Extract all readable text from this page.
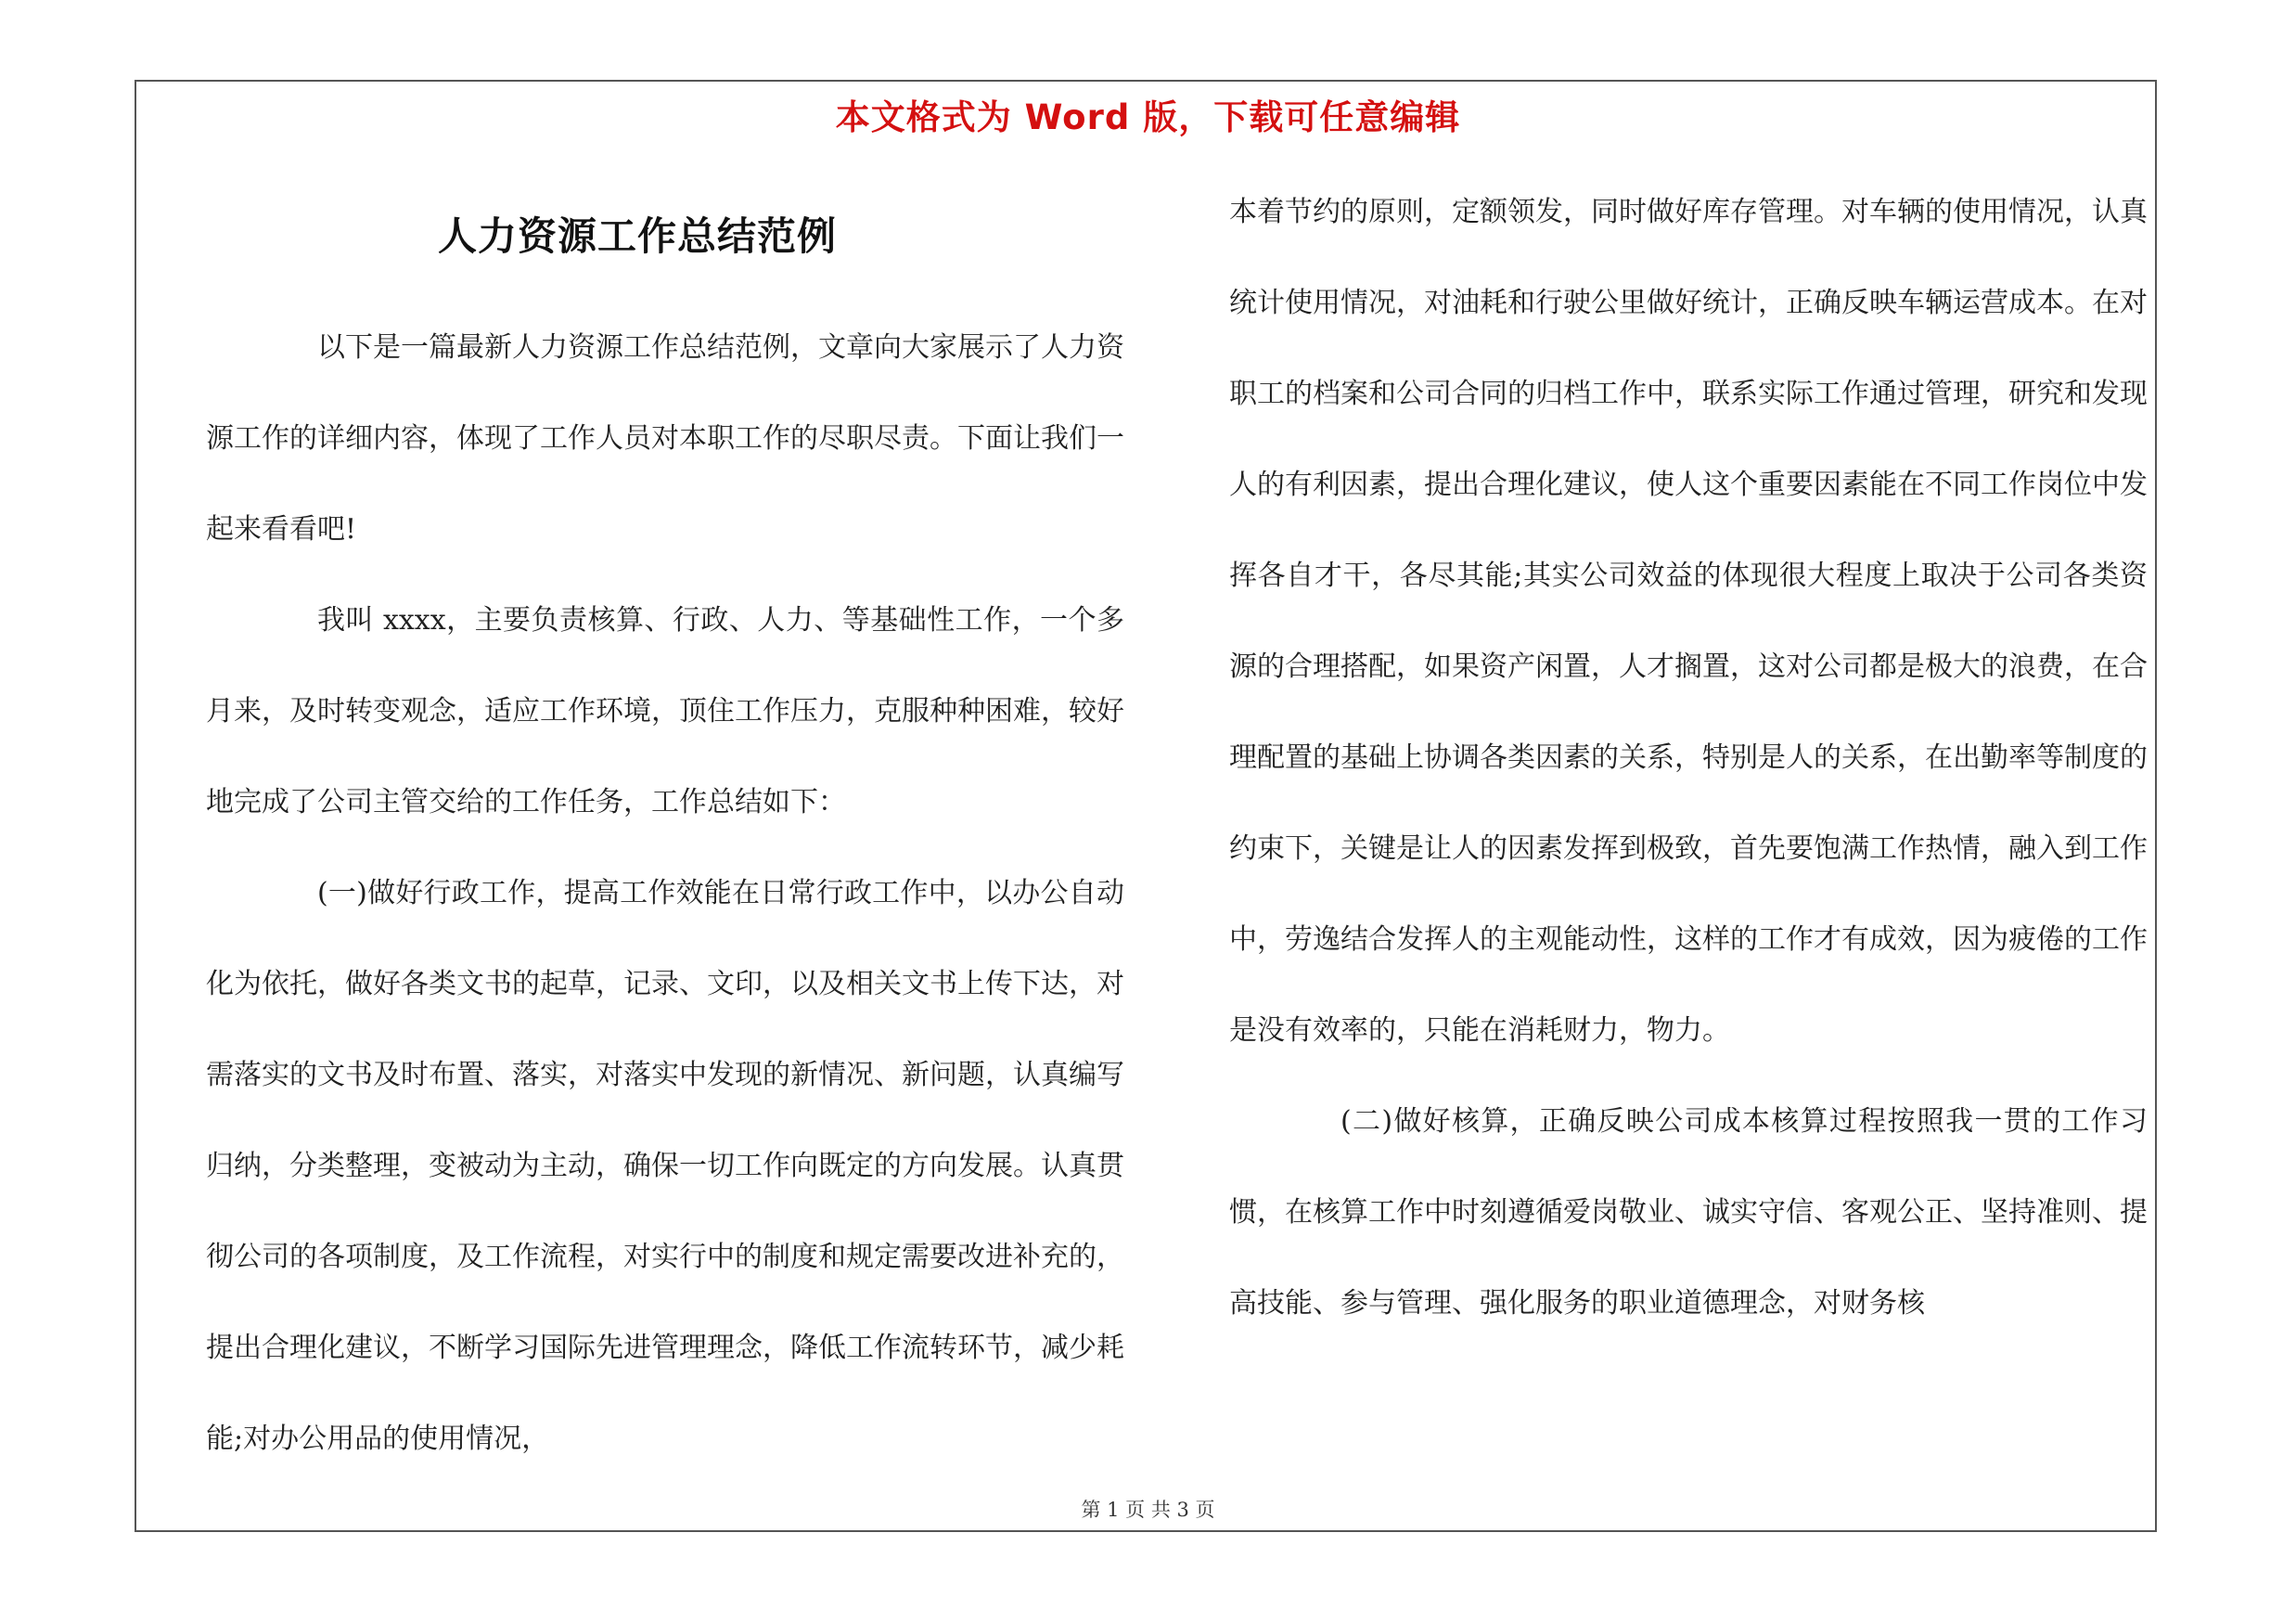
本文格式为 Word 版，下载可任意编辑
人力资源工作总结范例

以下是一篇最新人力资源工作总结范例，文章向大家展示了人力资源工作的详细内容，体现了工作人员对本职工作的尽职尽责。下面让我们一起来看看吧!

我叫 xxxx，主要负责核算、行政、人力、等基础性工作，一个多月来，及时转变观念，适应工作环境，顶住工作压力，克服种种困难，较好地完成了公司主管交给的工作任务，工作总结如下：

(一)做好行政工作，提高工作效能在日常行政工作中，以办公自动化为依托，做好各类文书的起草，记录、文印，以及相关文书上传下达，对需落实的文书及时布置、落实，对落实中发现的新情况、新问题，认真编写归纳，分类整理，变被动为主动，确保一切工作向既定的方向发展。认真贯彻公司的各项制度，及工作流程，对实行中的制度和规定需要改进补充的，提出合理化建议，不断学习国际先进管理理念，降低工作流转环节，减少耗能;对办公用品的使用情况，

本着节约的原则，定额领发，同时做好库存管理。对车辆的使用情况，认真统计使用情况，对油耗和行驶公里做好统计，正确反映车辆运营成本。在对职工的档案和公司合同的归档工作中，联系实际工作通过管理，研究和发现人的有利因素，提出合理化建议，使人这个重要因素能在不同工作岗位中发挥各自才干，各尽其能;其实公司效益的体现很大程度上取决于公司各类资源的合理搭配，如果资产闲置，人才搁置，这对公司都是极大的浪费，在合理配置的基础上协调各类因素的关系，特别是人的关系，在出勤率等制度的约束下，关键是让人的因素发挥到极致，首先要饱满工作热情，融入到工作中，劳逸结合发挥人的主观能动性，这样的工作才有成效，因为疲倦的工作是没有效率的，只能在消耗财力，物力。

(二)做好核算，正确反映公司成本核算过程按照我一贯的工作习惯，在核算工作中时刻遵循爱岗敬业、诚实守信、客观公正、坚持准则、提高技能、参与管理、强化服务的职业道德理念，对财务核

第 1 页 共 3 页
